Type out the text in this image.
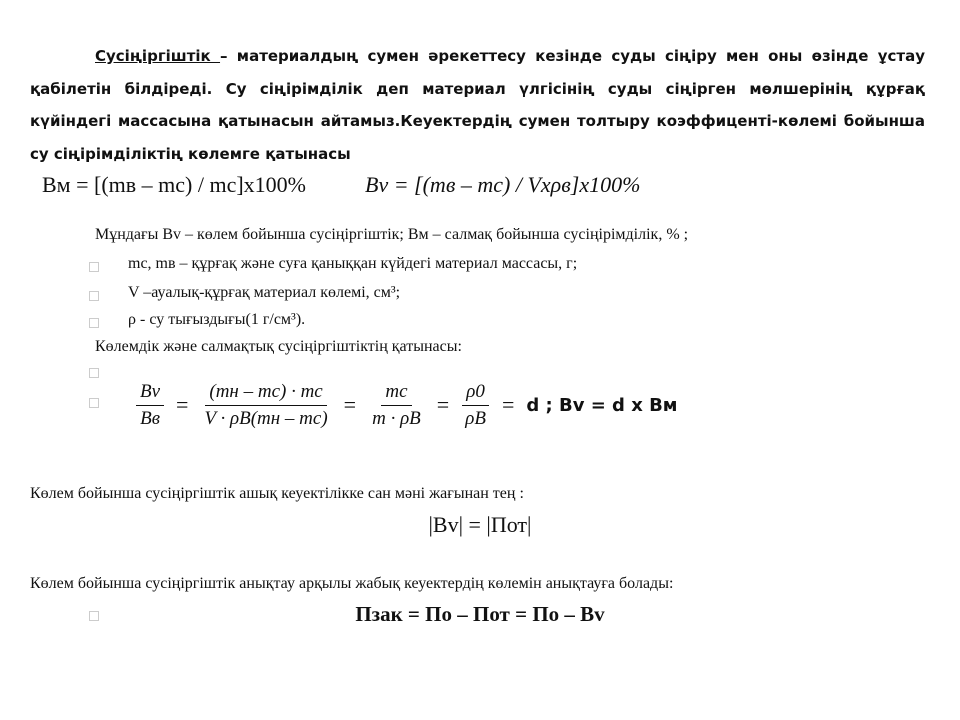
Сусіңіргіштік – материалдың сумен әрекеттесу кезінде суды сіңіру мен оны өзінде ұстау қабілетін білдіреді. Су сіңірімділік деп материал үлгісінің суды сіңірген мөлшерінің құрғақ күйіндегі массасына қатынасын айтамыз.Кеуектердің сумен толтыру коэффиценті-көлемі бойынша су сіңірімділіктің көлемге қатынасы
Bм = [(mв – mс) / mс]x100%	Bv = [(mв – mс) / Vxρв]x100%
Мұндағы Bv – көлем бойынша сусіңіргіштік; Bм – салмақ бойынша сусіңірімділік, % ;
mс, mв – құрғақ және суға қаныққан күйдегі материал массасы, г;
V –ауалық-құрғақ материал көлемі, см³;
ρ - су тығыздығы(1 г/см³).
Көлемдік және салмақтық сусіңіргіштіктің қатынасы:
$\frac{Bv}{Bв} = \frac{(mн - mс) \cdot mс}{V \cdot \rho B(mн - mс)} = \frac{mс}{m \cdot \rho B} = \frac{\rho 0}{\rho B} = d$ ; Bv = d x Bм
Көлем бойынша сусіңіргіштік ашық кеуектілікке сан мәні жағынан тең :
|Bv| = |Пот|
Көлем бойынша сусіңіргіштік анықтау арқылы жабық кеуектердің көлемін анықтауға болады:
Пзак = По – Пот = По – Bv
